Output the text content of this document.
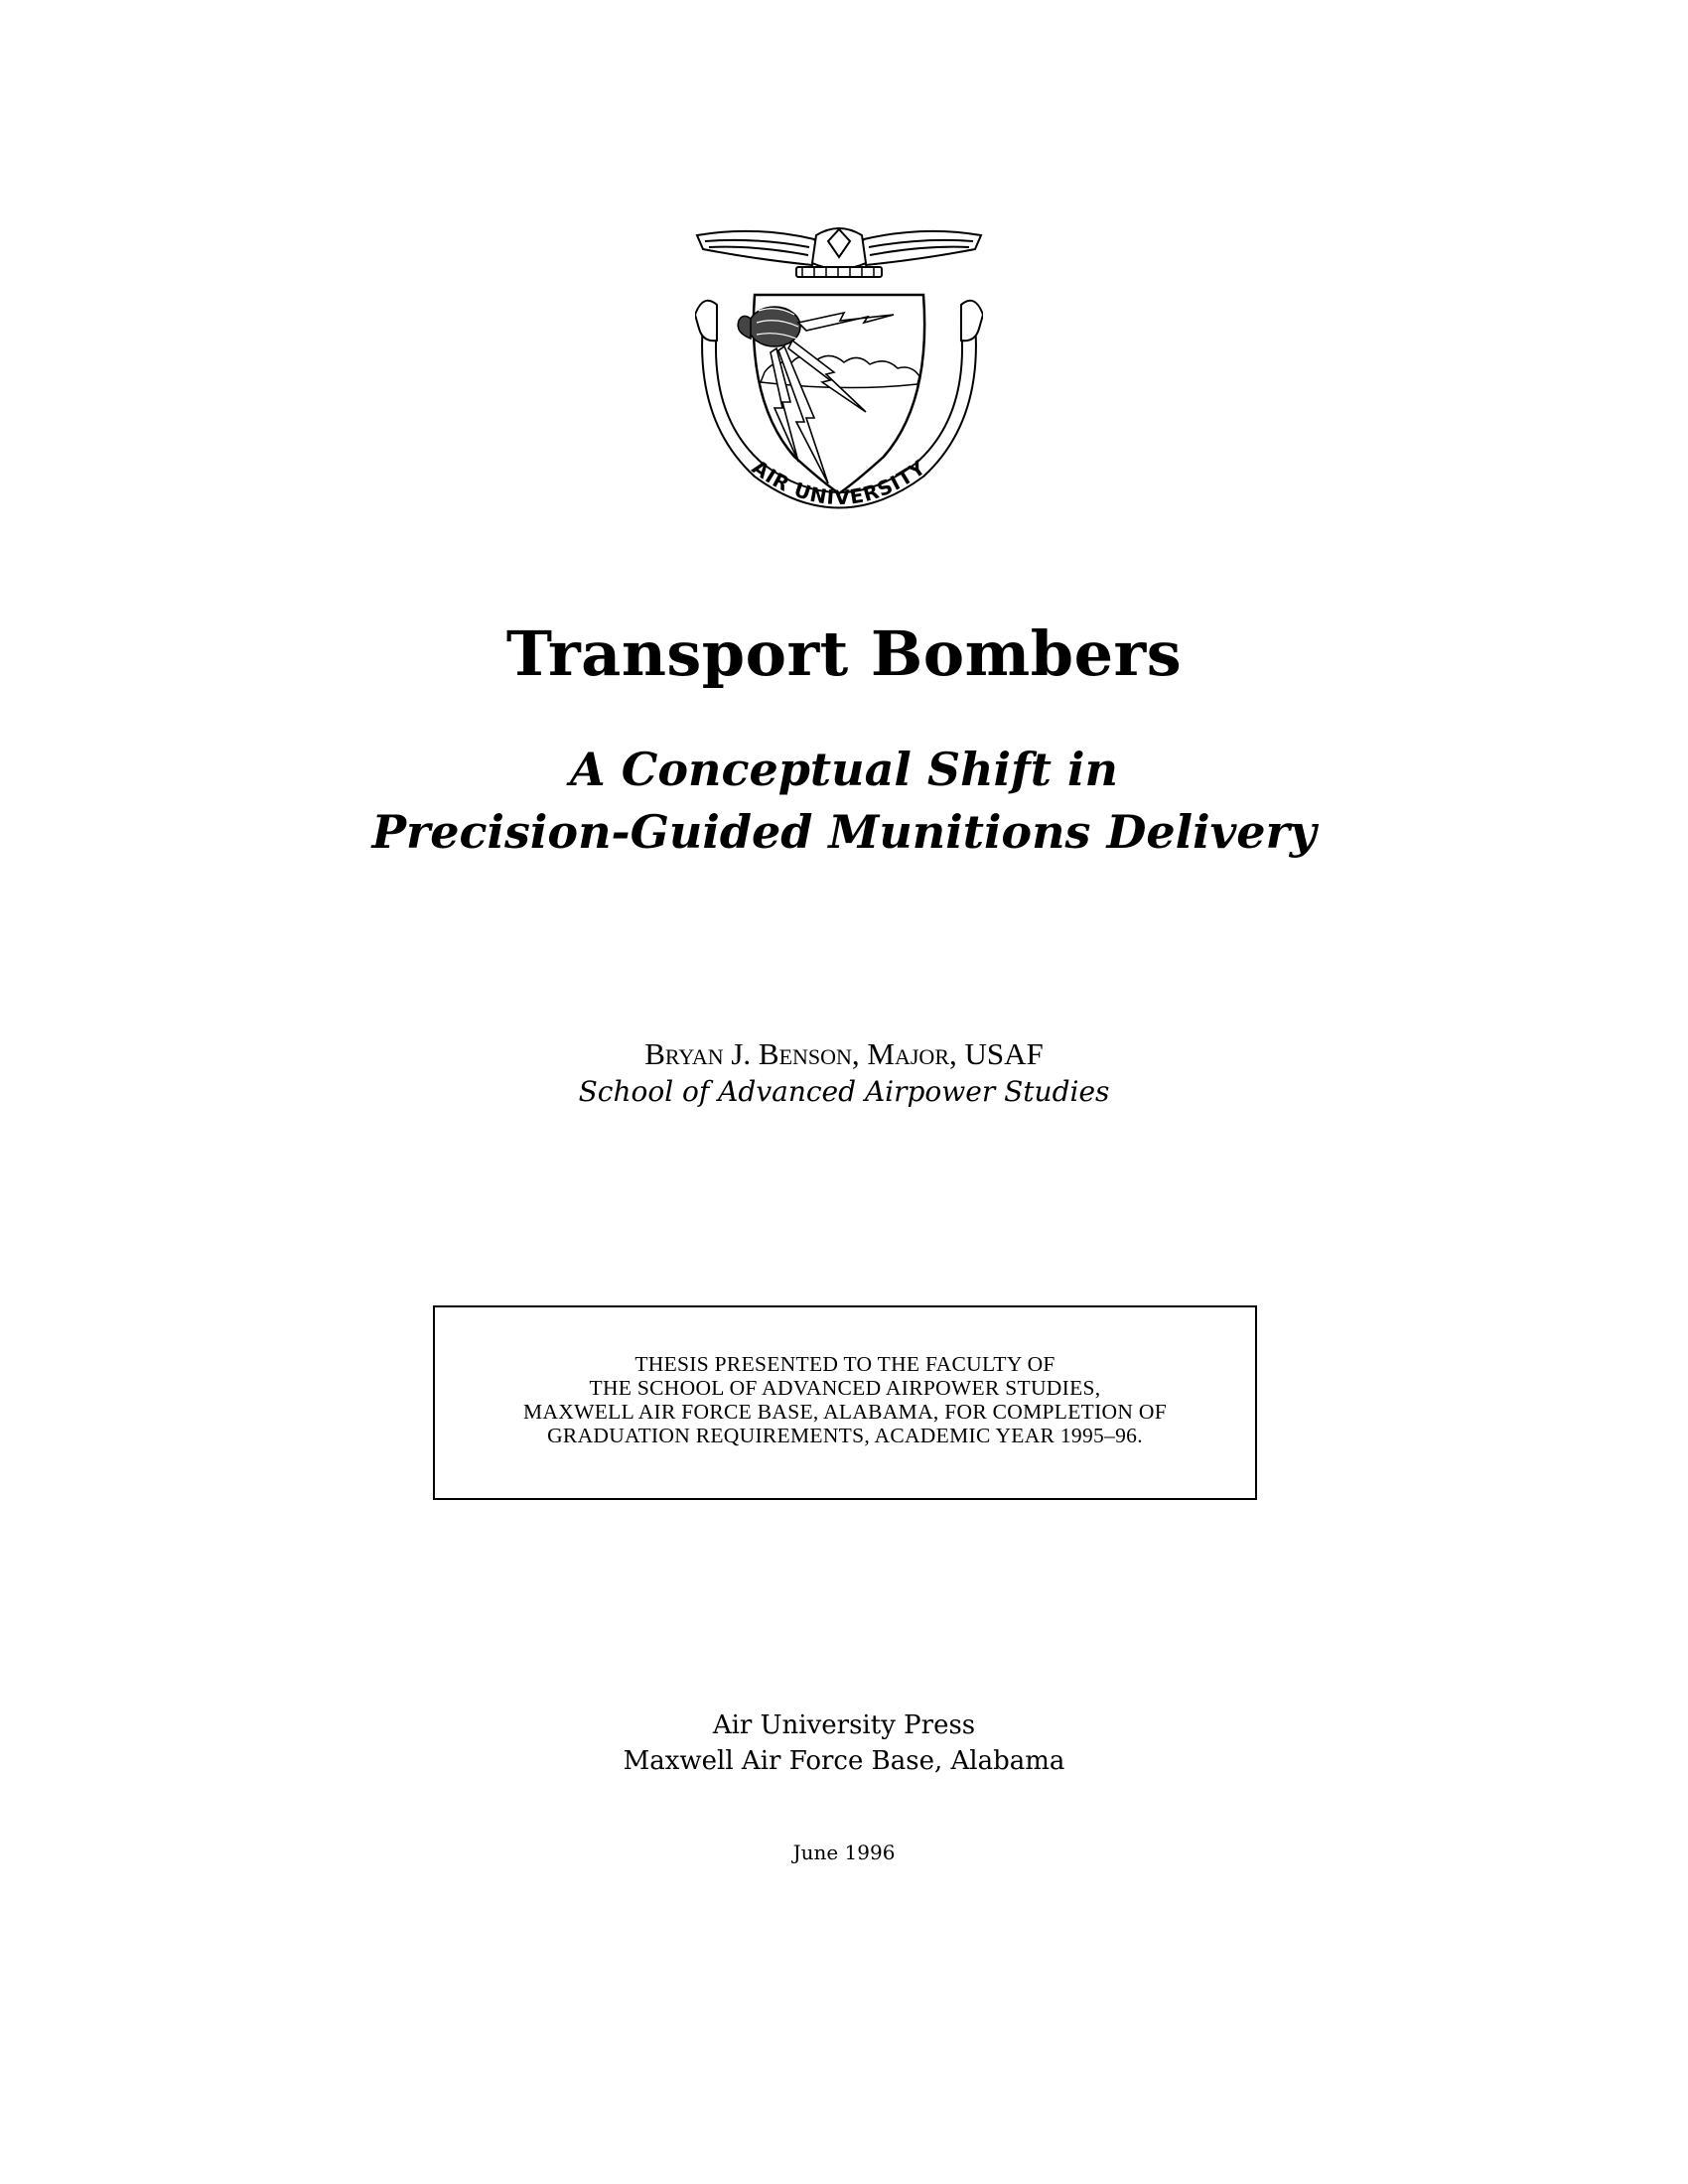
AIR UNIVERSITY
Transport Bombers
A Conceptual Shift in
Precision-Guided Munitions Delivery
Bryan J. Benson, Major, USAF
School of Advanced Airpower Studies
THESIS PRESENTED TO THE FACULTY OF
THE SCHOOL OF ADVANCED AIRPOWER STUDIES,
MAXWELL AIR FORCE BASE, ALABAMA, FOR COMPLETION OF
GRADUATION REQUIREMENTS, ACADEMIC YEAR 1995–96.
Air University Press
Maxwell Air Force Base, Alabama
June 1996
